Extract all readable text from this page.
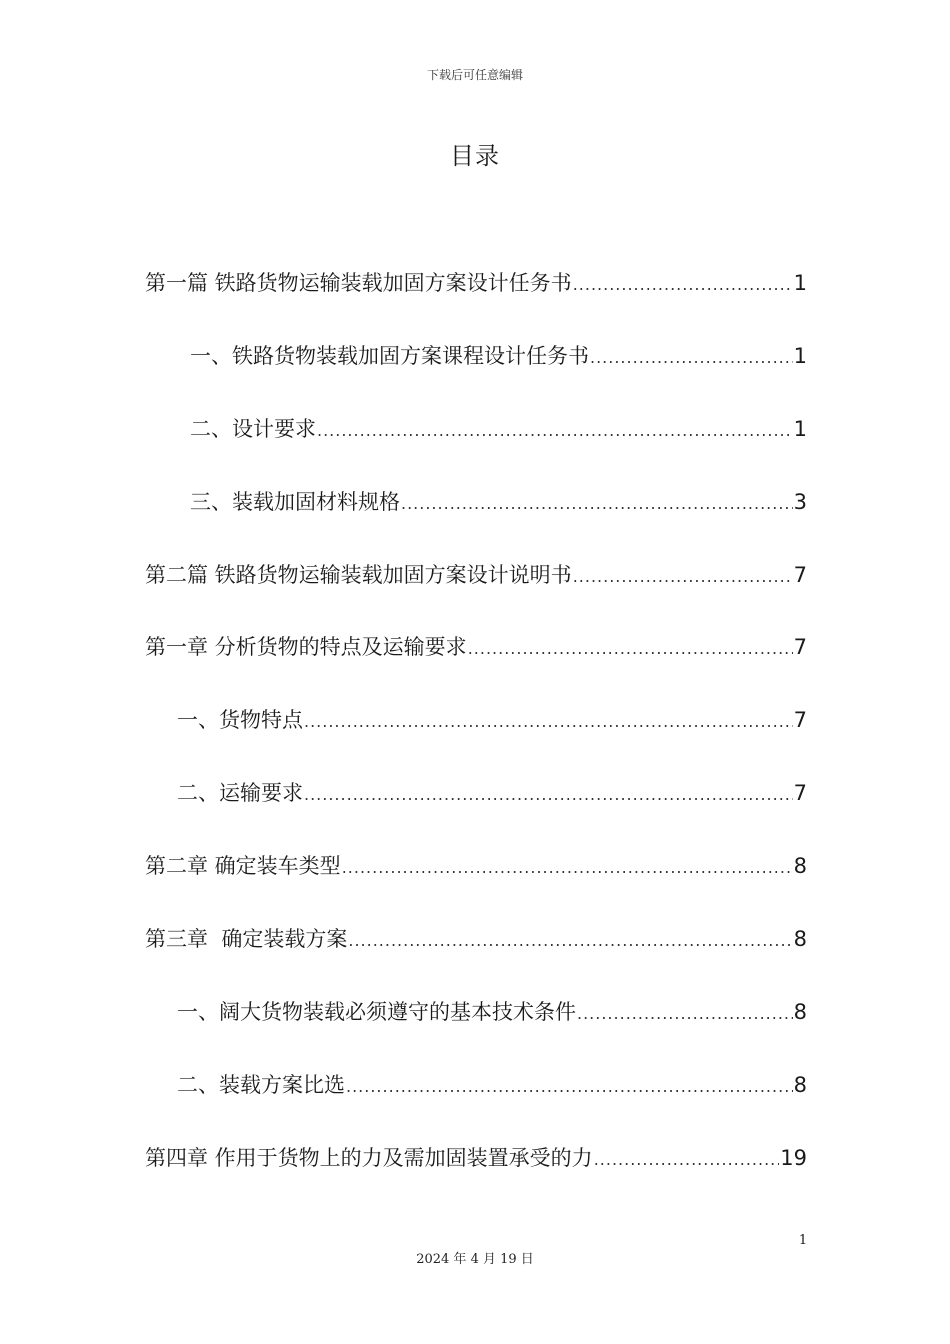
下载后可任意编辑
目录
第一篇 铁路货物运输装载加固方案设计任务书 .....	1
一、铁路货物装载加固方案课程设计任务书 .....	1
二、设计要求 .....	1
三、装载加固材料规格 .....	3
第二篇 铁路货物运输装载加固方案设计说明书 .....	7
第一章 分析货物的特点及运输要求 .....	7
一、货物特点 .....	7
二、运输要求 .....	7
第二章 确定装车类型 .....	8
第三章  确定装载方案 .....	8
一、阔大货物装载必须遵守的基本技术条件 .....	8
二、装载方案比选 .....	8
第四章 作用于货物上的力及需加固装置承受的力 .....	19
1
2024 年 4 月 19 日
